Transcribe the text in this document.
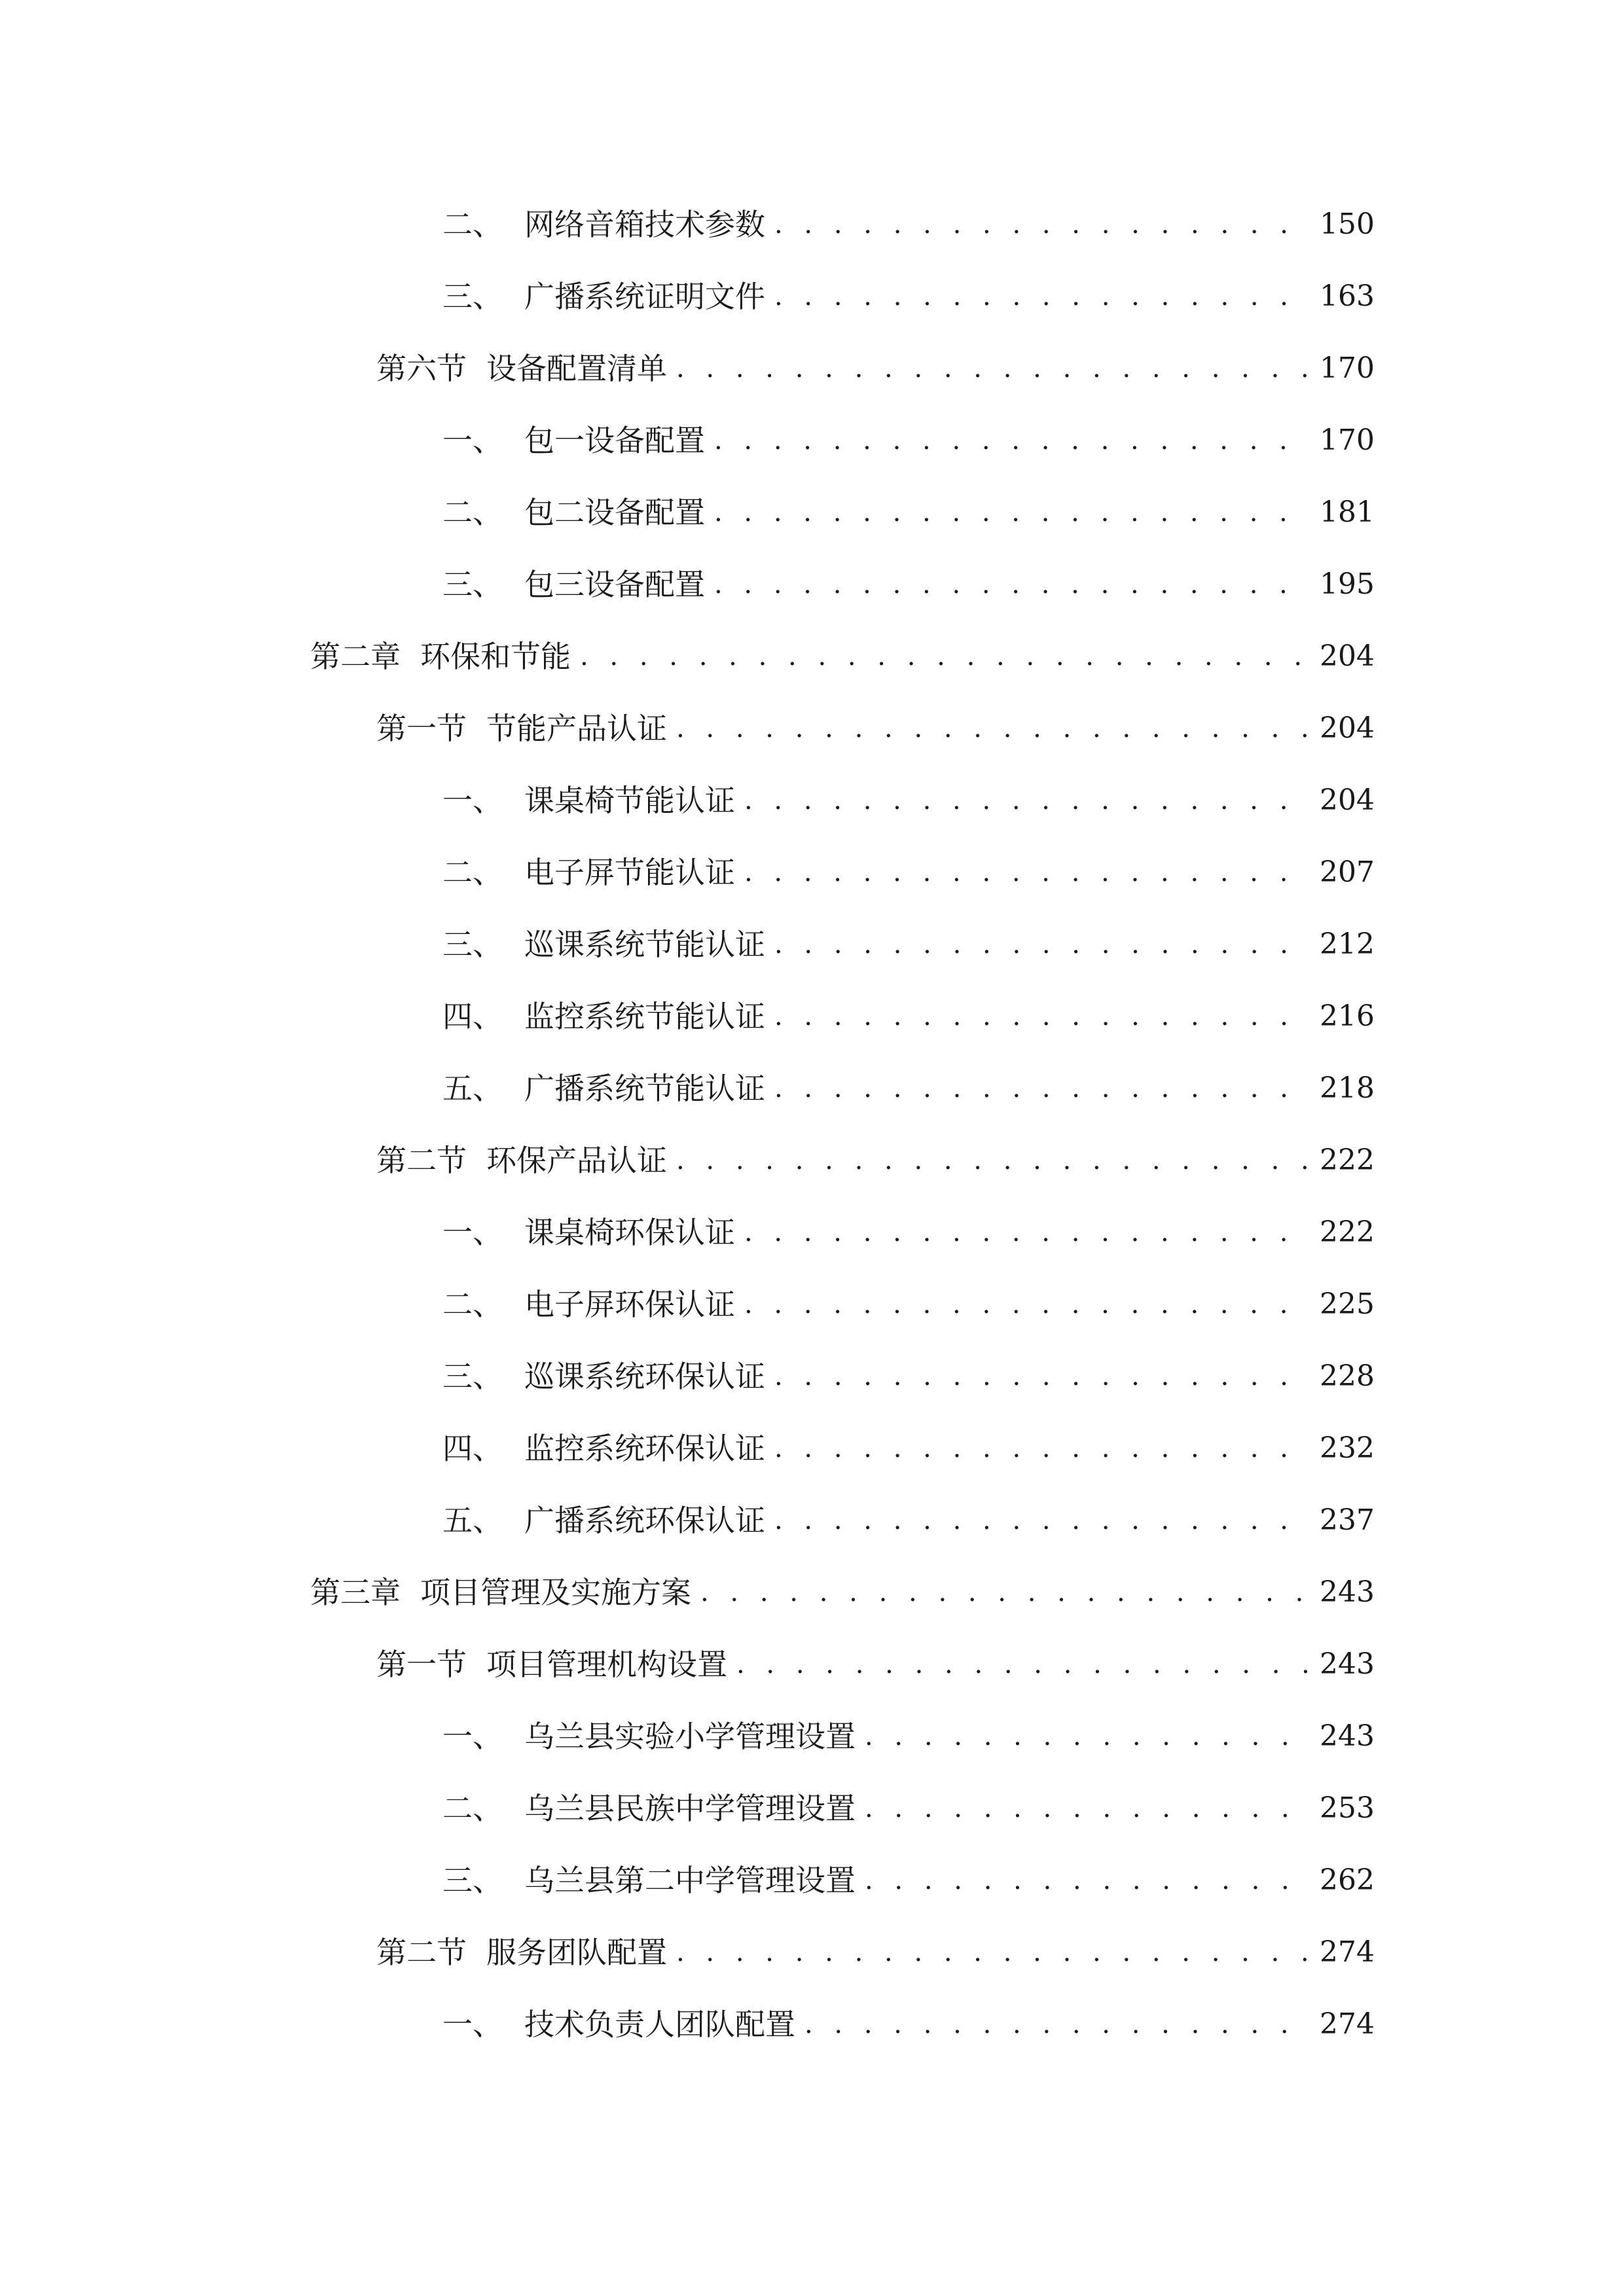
二、 网络音箱技术参数 . . .	150
三、 广播系统证明文件 . . .	163
第六节 设备配置清单 . . .	170
一、 包一设备配置 . . .	170
二、 包二设备配置 . . .	181
三、 包三设备配置 . . .	195
第二章 环保和节能 . . .	204
第一节 节能产品认证 . . .	204
一、 课桌椅节能认证 . . .	204
二、 电子屏节能认证 . . .	207
三、 巡课系统节能认证 . . .	212
四、 监控系统节能认证 . . .	216
五、 广播系统节能认证 . . .	218
第二节 环保产品认证 . . .	222
一、 课桌椅环保认证 . . .	222
二、 电子屏环保认证 . . .	225
三、 巡课系统环保认证 . . .	228
四、 监控系统环保认证 . . .	232
五、 广播系统环保认证 . . .	237
第三章 项目管理及实施方案 . . .	243
第一节 项目管理机构设置 . . .	243
一、 乌兰县实验小学管理设置 . . .	243
二、 乌兰县民族中学管理设置 . . .	253
三、 乌兰县第二中学管理设置 . . .	262
第二节 服务团队配置 . . .	274
一、 技术负责人团队配置 . . .	274
